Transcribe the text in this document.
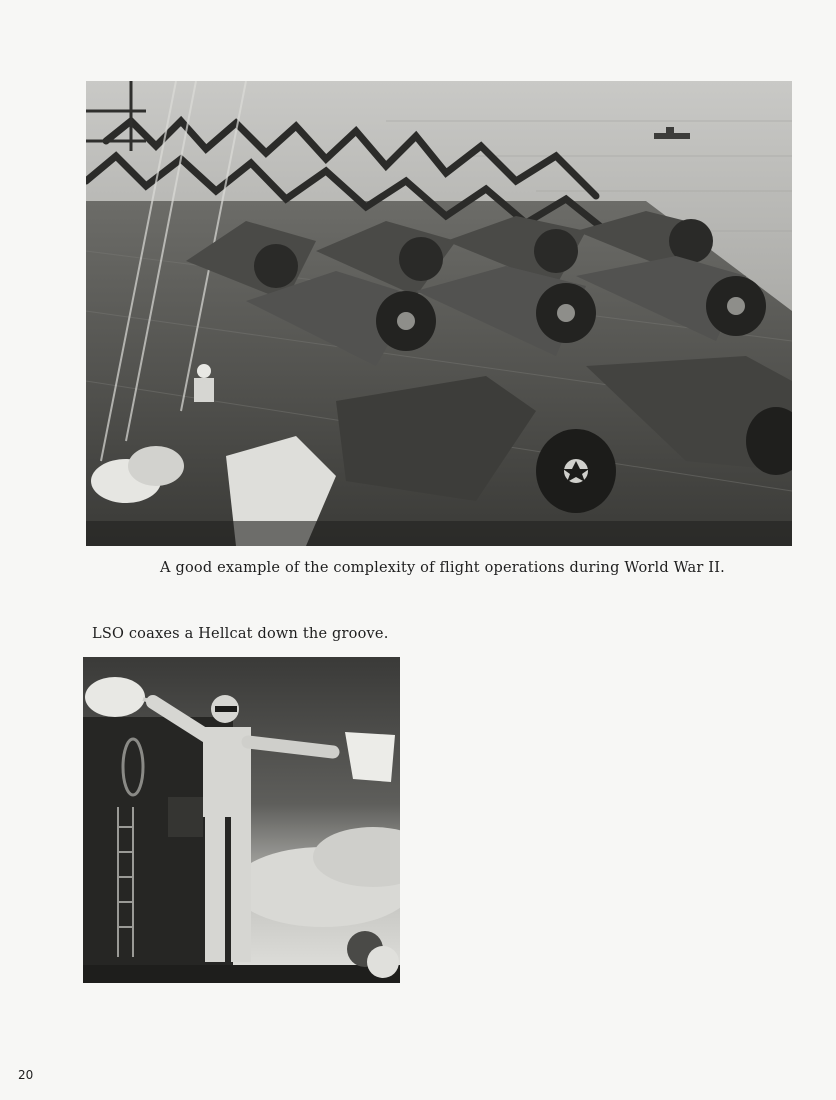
A good example of the complexity of flight operations during World War II.
LSO coaxes a Hellcat down the groove.
20
